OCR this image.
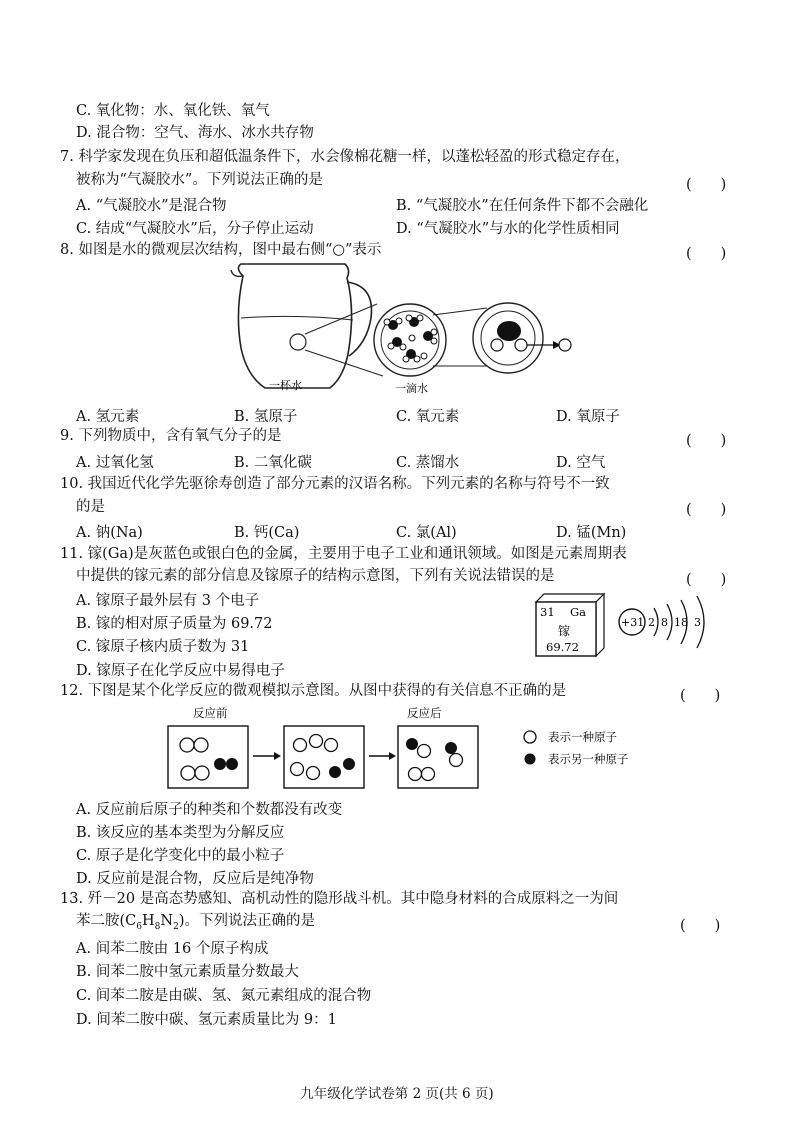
C. 氧化物：水、氧化铁、氧气
D. 混合物：空气、海水、冰水共存物
7. 科学家发现在负压和超低温条件下，水会像棉花糖一样，以蓬松轻盈的形式稳定存在，
被称为“气凝胶水”。下列说法正确的是	(　　)
A. “气凝胶水”是混合物	B. “气凝胶水”在任何条件下都不会融化
C. 结成“气凝胶水”后，分子停止运动	D. “气凝胶水”与水的化学性质相同
8. 如图是水的微观层次结构，图中最右侧“○”表示	(　　)
一杯水	一滴水
A. 氢元素	B. 氢原子	C. 氧元素	D. 氧原子
9. 下列物质中，含有氧气分子的是	(　　)
A. 过氧化氢	B. 二氧化碳	C. 蒸馏水	D. 空气
10. 我国近代化学先驱徐寿创造了部分元素的汉语名称。下列元素的名称与符号不一致
的是	(　　)
A. 钠(Na)	B. 钙(Ca)	C. 氯(Al)	D. 锰(Mn)
11. 镓(Ga)是灰蓝色或银白色的金属，主要用于电子工业和通讯领域。如图是元素周期表
中提供的镓元素的部分信息及镓原子的结构示意图，下列有关说法错误的是	(　　)
A. 镓原子最外层有 3 个电子
B. 镓的相对原子质量为 69.72
C. 镓原子核内质子数为 31
D. 镓原子在化学反应中易得电子
31 Ga
镓
69.72
+31 2 8 18 3
12. 下图是某个化学反应的微观模拟示意图。从图中获得的有关信息不正确的是	(　　)
反应前	反应后
表示一种原子
表示另一种原子
A. 反应前后原子的种类和个数都没有改变
B. 该反应的基本类型为分解反应
C. 原子是化学变化中的最小粒子
D. 反应前是混合物，反应后是纯净物
13. 歼－20 是高态势感知、高机动性的隐形战斗机。其中隐身材料的合成原料之一为间
苯二胺$(C_6H_8N_2)$。下列说法正确的是	(　　)
A. 间苯二胺由 16 个原子构成
B. 间苯二胺中氢元素质量分数最大
C. 间苯二胺是由碳、氢、氮元素组成的混合物
D. 间苯二胺中碳、氢元素质量比为 9：1
九年级化学试卷第 2 页(共 6 页)
